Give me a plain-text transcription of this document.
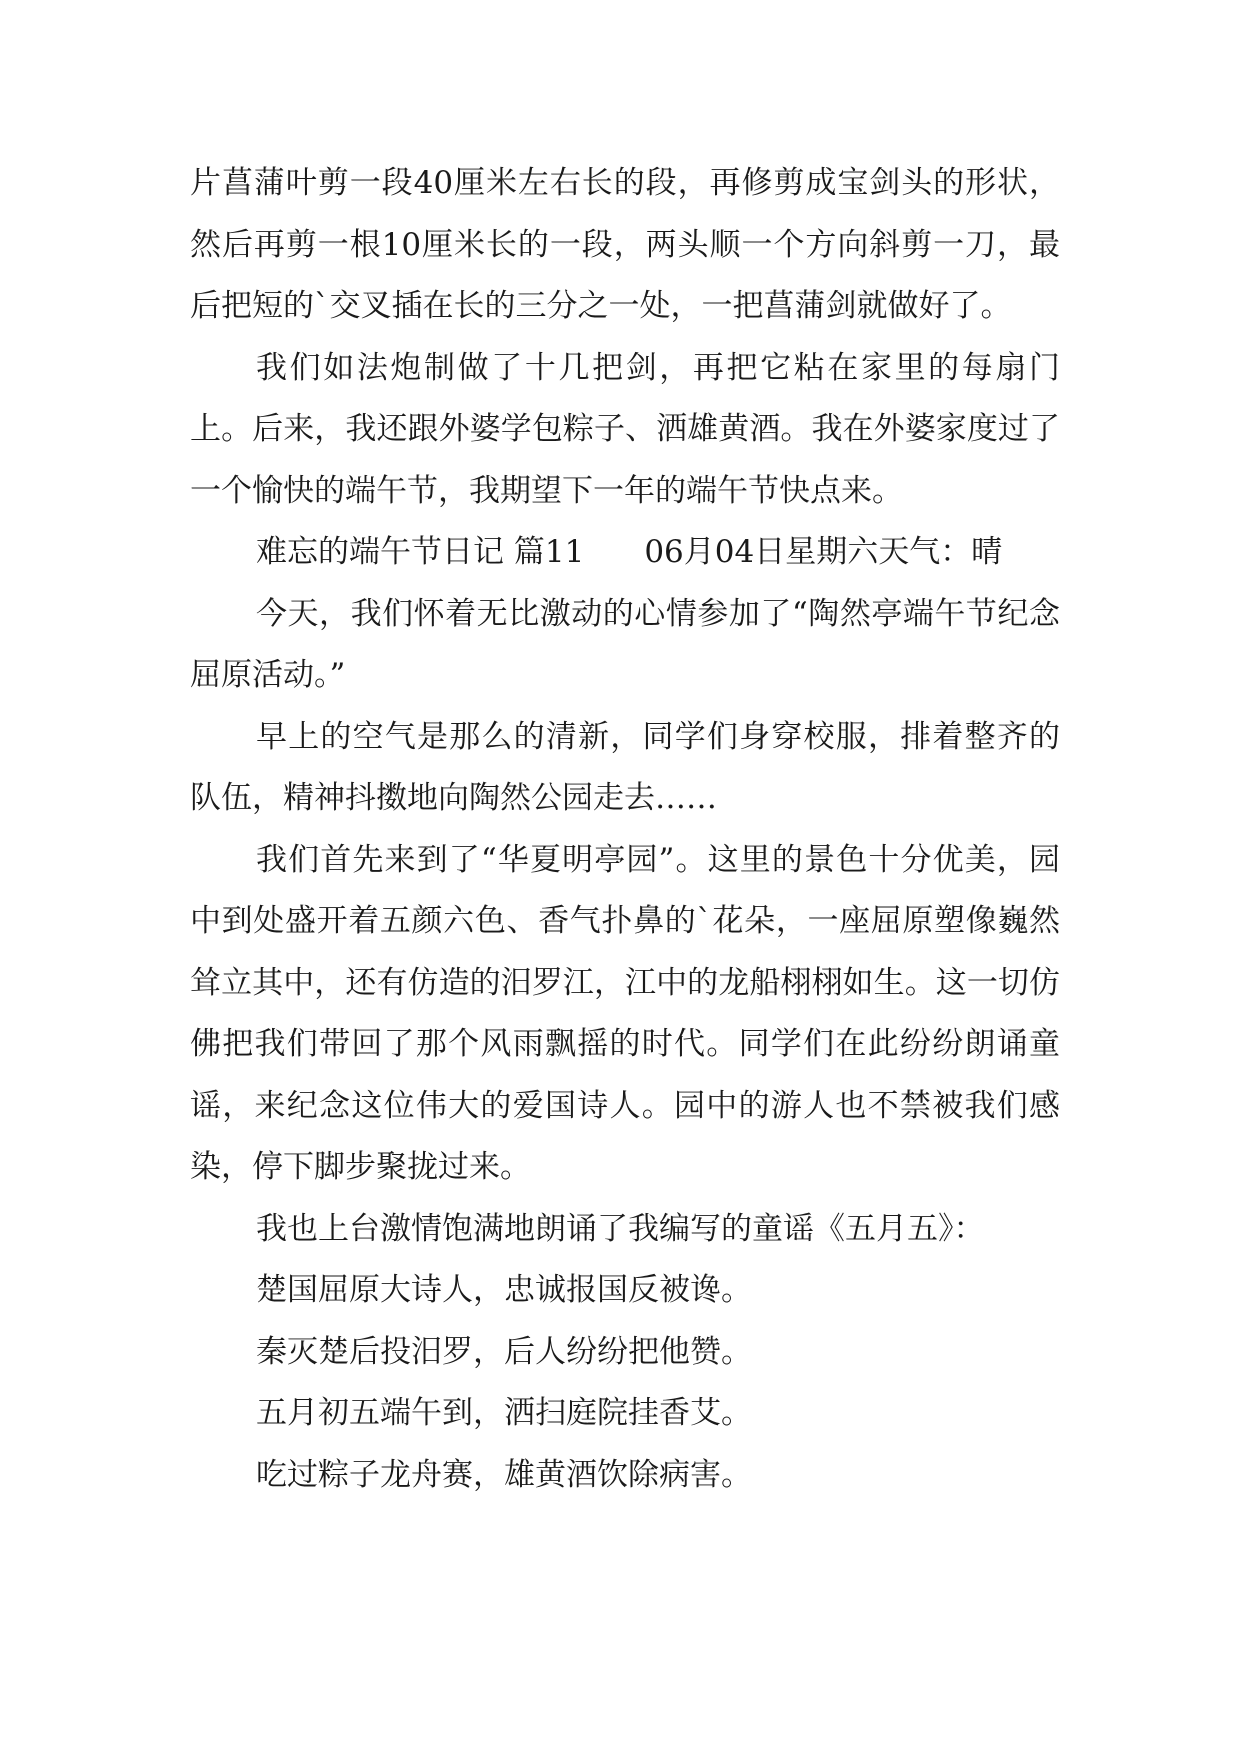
片菖蒲叶剪一段40厘米左右长的段，再修剪成宝剑头的形状，然后再剪一根10厘米长的一段，两头顺一个方向斜剪一刀，最后把短的`交叉插在长的三分之一处，一把菖蒲剑就做好了。

我们如法炮制做了十几把剑，再把它粘在家里的每扇门上。后来，我还跟外婆学包粽子、洒雄黄酒。我在外婆家度过了一个愉快的端午节，我期望下一年的端午节快点来。

难忘的端午节日记 篇11 06月04日星期六天气：晴

今天，我们怀着无比激动的心情参加了“陶然亭端午节纪念屈原活动。”

早上的空气是那么的清新，同学们身穿校服，排着整齐的队伍，精神抖擞地向陶然公园走去……

我们首先来到了“华夏明亭园”。这里的景色十分优美，园中到处盛开着五颜六色、香气扑鼻的`花朵，一座屈原塑像巍然耸立其中，还有仿造的汨罗江，江中的龙船栩栩如生。这一切仿佛把我们带回了那个风雨飘摇的时代。同学们在此纷纷朗诵童谣，来纪念这位伟大的爱国诗人。园中的游人也不禁被我们感染，停下脚步聚拢过来。

我也上台激情饱满地朗诵了我编写的童谣《五月五》：

楚国屈原大诗人，忠诚报国反被谗。

秦灭楚后投汨罗，后人纷纷把他赞。

五月初五端午到，洒扫庭院挂香艾。

吃过粽子龙舟赛，雄黄酒饮除病害。
